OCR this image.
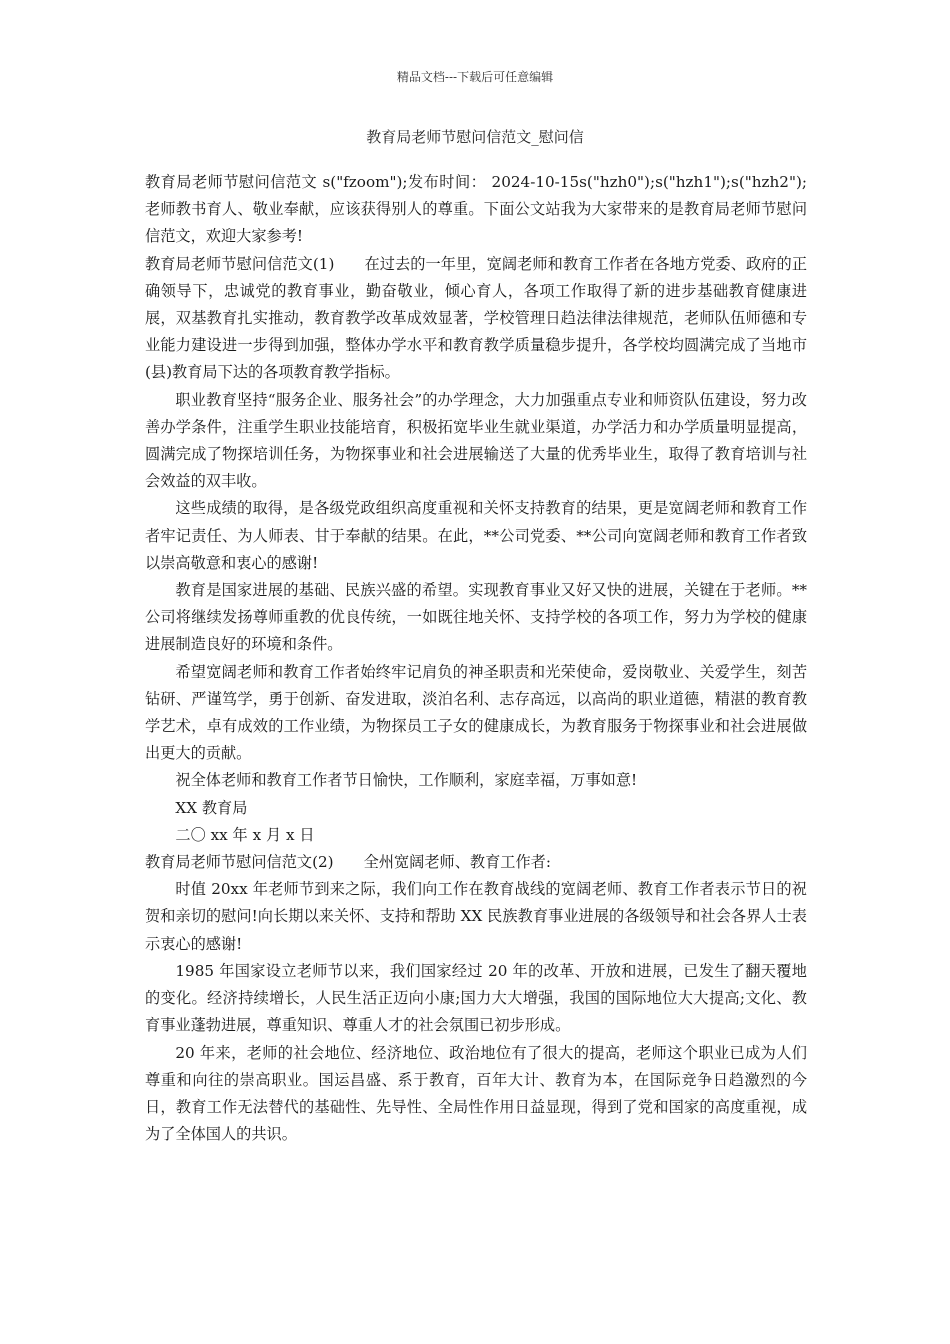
精品文档---下载后可任意编辑
教育局老师节慰问信范文_慰问信

教育局老师节慰问信范文 s("fzoom");发布时间： 2024-10-15s("hzh0");s("hzh1");s("hzh2");老师教书育人、敬业奉献，应该获得别人的尊重。下面公文站我为大家带来的是教育局老师节慰问信范文，欢迎大家参考!

教育局老师节慰问信范文(1) 在过去的一年里，宽阔老师和教育工作者在各地方党委、政府的正确领导下，忠诚党的教育事业，勤奋敬业，倾心育人，各项工作取得了新的进步基础教育健康进展，双基教育扎实推动，教育教学改革成效显著，学校管理日趋法律法律规范，老师队伍师德和专业能力建设进一步得到加强，整体办学水平和教育教学质量稳步提升，各学校均圆满完成了当地市(县)教育局下达的各项教育教学指标。

职业教育坚持“服务企业、服务社会”的办学理念，大力加强重点专业和师资队伍建设，努力改善办学条件，注重学生职业技能培育，积极拓宽毕业生就业渠道，办学活力和办学质量明显提高，圆满完成了物探培训任务，为物探事业和社会进展输送了大量的优秀毕业生，取得了教育培训与社会效益的双丰收。

这些成绩的取得，是各级党政组织高度重视和关怀支持教育的结果，更是宽阔老师和教育工作者牢记责任、为人师表、甘于奉献的结果。在此，**公司党委、**公司向宽阔老师和教育工作者致以崇高敬意和衷心的感谢!

教育是国家进展的基础、民族兴盛的希望。实现教育事业又好又快的进展，关键在于老师。**公司将继续发扬尊师重教的优良传统，一如既往地关怀、支持学校的各项工作，努力为学校的健康进展制造良好的环境和条件。

希望宽阔老师和教育工作者始终牢记肩负的神圣职责和光荣使命，爱岗敬业、关爱学生，刻苦钻研、严谨笃学，勇于创新、奋发进取，淡泊名利、志存高远，以高尚的职业道德，精湛的教育教学艺术，卓有成效的工作业绩，为物探员工子女的健康成长，为教育服务于物探事业和社会进展做出更大的贡献。

祝全体老师和教育工作者节日愉快，工作顺利，家庭幸福，万事如意!

XX 教育局

二〇 xx 年 x 月 x 日

教育局老师节慰问信范文(2) 全州宽阔老师、教育工作者:

时值 20xx 年老师节到来之际，我们向工作在教育战线的宽阔老师、教育工作者表示节日的祝贺和亲切的慰问!向长期以来关怀、支持和帮助 XX 民族教育事业进展的各级领导和社会各界人士表示衷心的感谢!

1985 年国家设立老师节以来，我们国家经过 20 年的改革、开放和进展，已发生了翻天覆地的变化。经济持续增长，人民生活正迈向小康;国力大大增强，我国的国际地位大大提高;文化、教育事业蓬勃进展，尊重知识、尊重人才的社会氛围已初步形成。

20 年来，老师的社会地位、经济地位、政治地位有了很大的提高，老师这个职业已成为人们尊重和向往的崇高职业。国运昌盛、系于教育，百年大计、教育为本，在国际竞争日趋激烈的今日，教育工作无法替代的基础性、先导性、全局性作用日益显现，得到了党和国家的高度重视，成为了全体国人的共识。
